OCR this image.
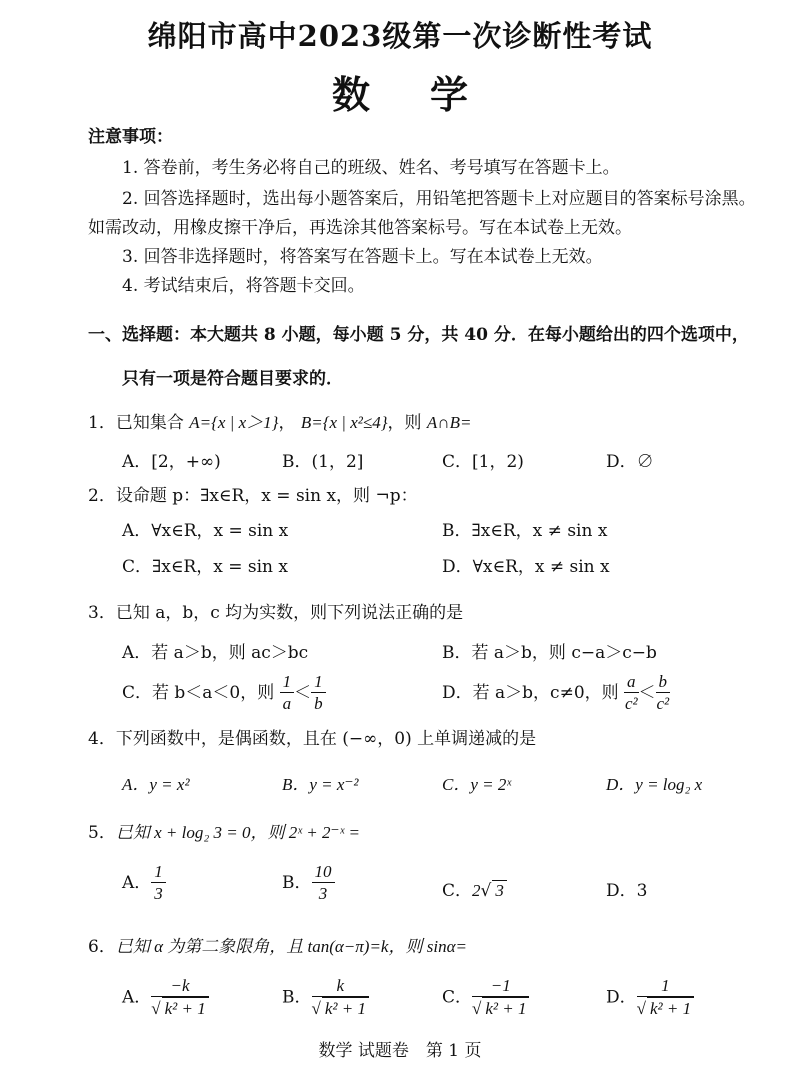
绵阳市高中2023级第一次诊断性考试
数 学
注意事项：
1. 答卷前，考生务必将自己的班级、姓名、考号填写在答题卡上。
2. 回答选择题时，选出每小题答案后，用铅笔把答题卡上对应题目的答案标号涂黑。
如需改动，用橡皮擦干净后，再选涂其他答案标号。写在本试卷上无效。
3. 回答非选择题时，将答案写在答题卡上。写在本试卷上无效。
4. 考试结束后，将答题卡交回。
一、选择题：本大题共 8 小题，每小题 5 分，共 40 分．在每小题给出的四个选项中，
只有一项是符合题目要求的．
1．已知集合 A={x | x＞1}， B={x | x²≤4}，则 A∩B=
A．[2，+∞)	B．(1，2]	C．[1，2)	D．∅
2．设命题 p：∃x∈R，x = sin x，则 ¬p：
A．∀x∈R，x = sin x	B．∃x∈R，x ≠ sin x
C．∃x∈R，x = sin x	D．∀x∈R，x ≠ sin x
3．已知 a，b，c 均为实数，则下列说法正确的是
A．若 a＞b，则 ac＞bc	B．若 a＞b，则 c−a＞c−b
C．若 b＜a＜0，则 $\frac{1}{a} < \frac{1}{b}$	D．若 a＞b，c≠0，则 $\frac{a}{\text{c²}} < \frac{b}{\text{c²}}$
4．下列函数中，是偶函数，且在 (−∞，0) 上单调递减的是
A．y = x²	B．y = x⁻²	C．y = 2ˣ	D．y = log₂ x
5．已知 x + log₂ 3 = 0，则 2ˣ + 2⁻ˣ =
A． $\frac{1}{3}$	B． $\frac{10}{3}$	C．2√ 3	D．3
6．已知 α 为第二象限角，且 tan(α−π)=k，则 sinα=
A． $\frac{-k}{\text{√ k² + 1}}$	B． $\frac{k}{\text{√ k² + 1}}$	C． $\frac{-1}{\text{√ k² + 1}}$	D． $\frac{1}{\text{√ k² + 1}}$
数学 试题卷　第 1 页
